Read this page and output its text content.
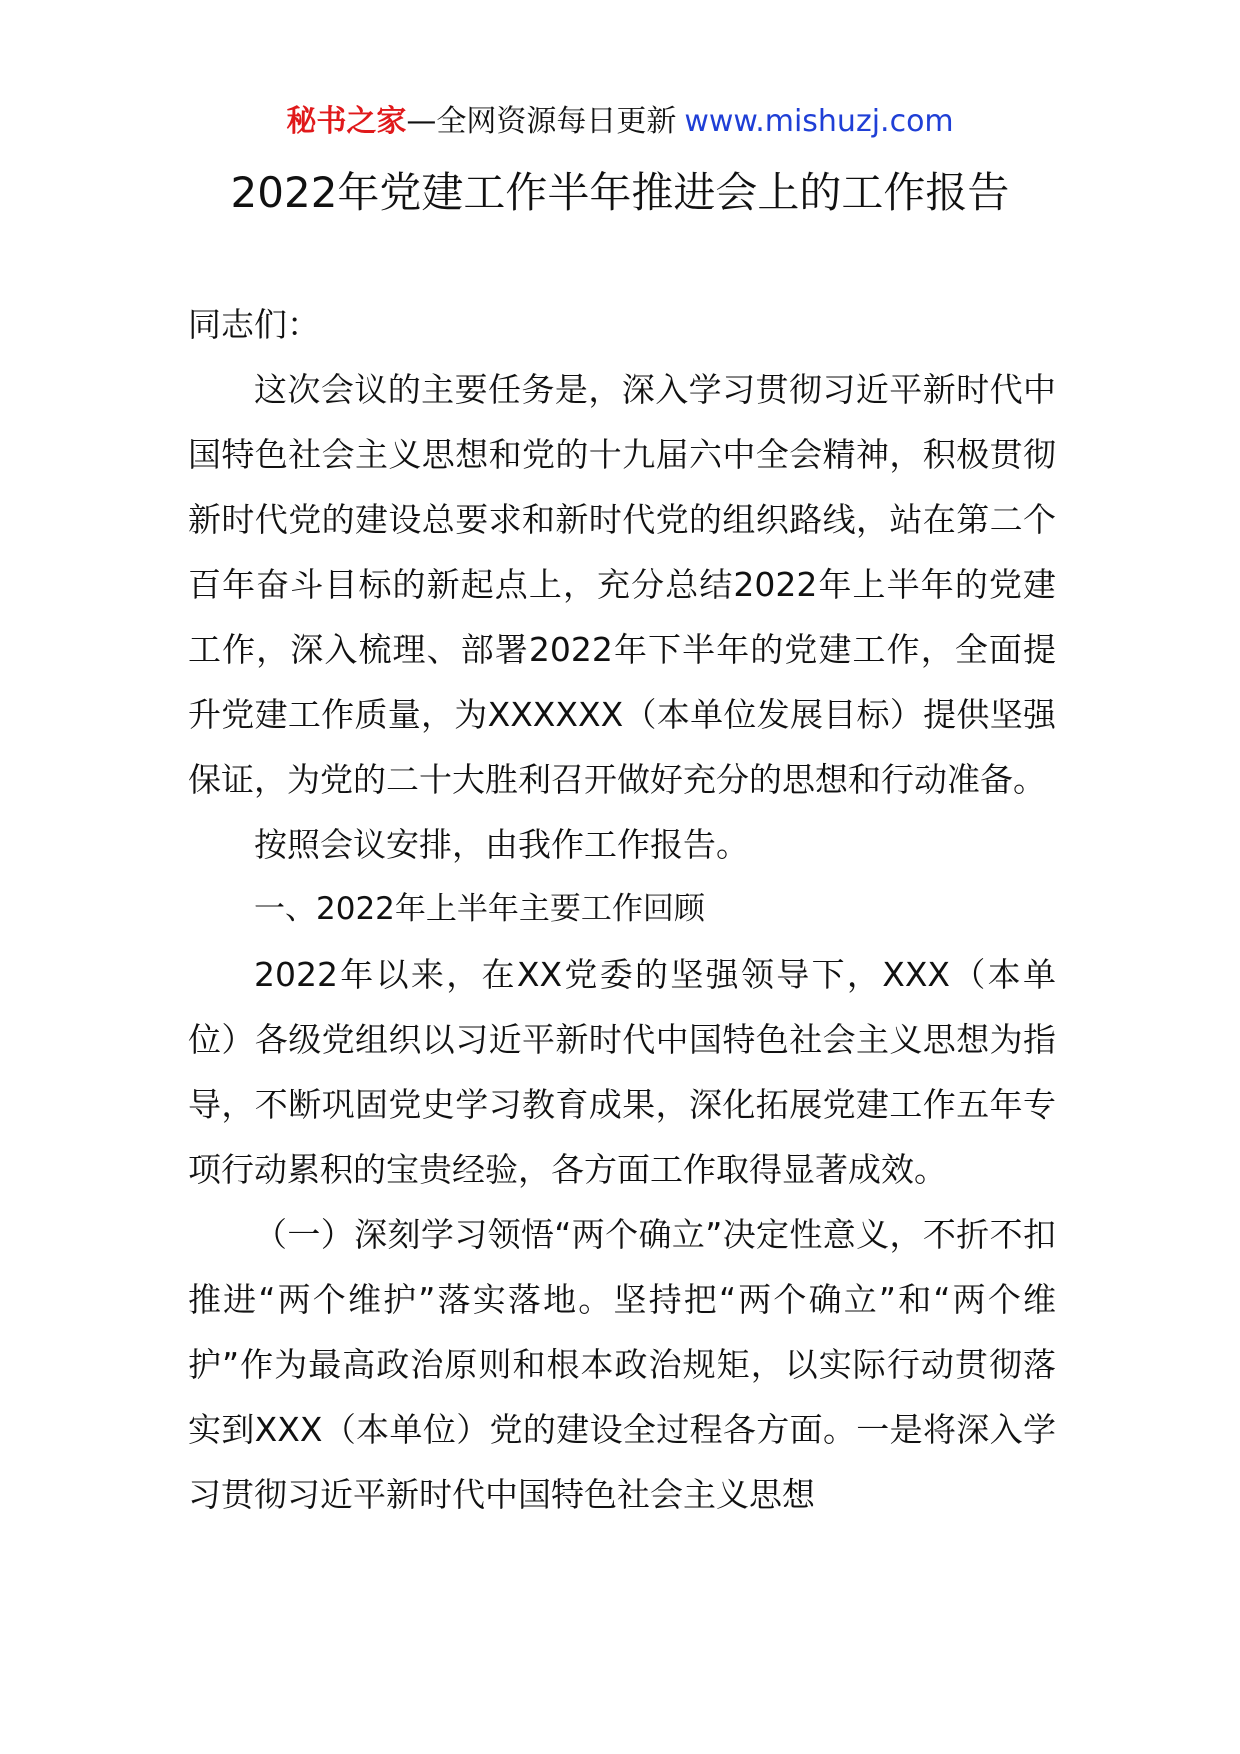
秘书之家—全网资源每日更新 www.mishuzj.com
2022年党建工作半年推进会上的工作报告

同志们：

这次会议的主要任务是，深入学习贯彻习近平新时代中国特色社会主义思想和党的十九届六中全会精神，积极贯彻新时代党的建设总要求和新时代党的组织路线，站在第二个百年奋斗目标的新起点上，充分总结2022年上半年的党建工作，深入梳理、部署2022年下半年的党建工作，全面提升党建工作质量，为XXXXXX（本单位发展目标）提供坚强保证，为党的二十大胜利召开做好充分的思想和行动准备。

按照会议安排，由我作工作报告。

一、2022年上半年主要工作回顾

2022年以来，在XX党委的坚强领导下，XXX（本单位）各级党组织以习近平新时代中国特色社会主义思想为指导，不断巩固党史学习教育成果，深化拓展党建工作五年专项行动累积的宝贵经验，各方面工作取得显著成效。

（一）深刻学习领悟“两个确立”决定性意义，不折不扣推进“两个维护”落实落地。坚持把“两个确立”和“两个维护”作为最高政治原则和根本政治规矩，以实际行动贯彻落实到XXX（本单位）党的建设全过程各方面。一是将深入学习贯彻习近平新时代中国特色社会主义思想
